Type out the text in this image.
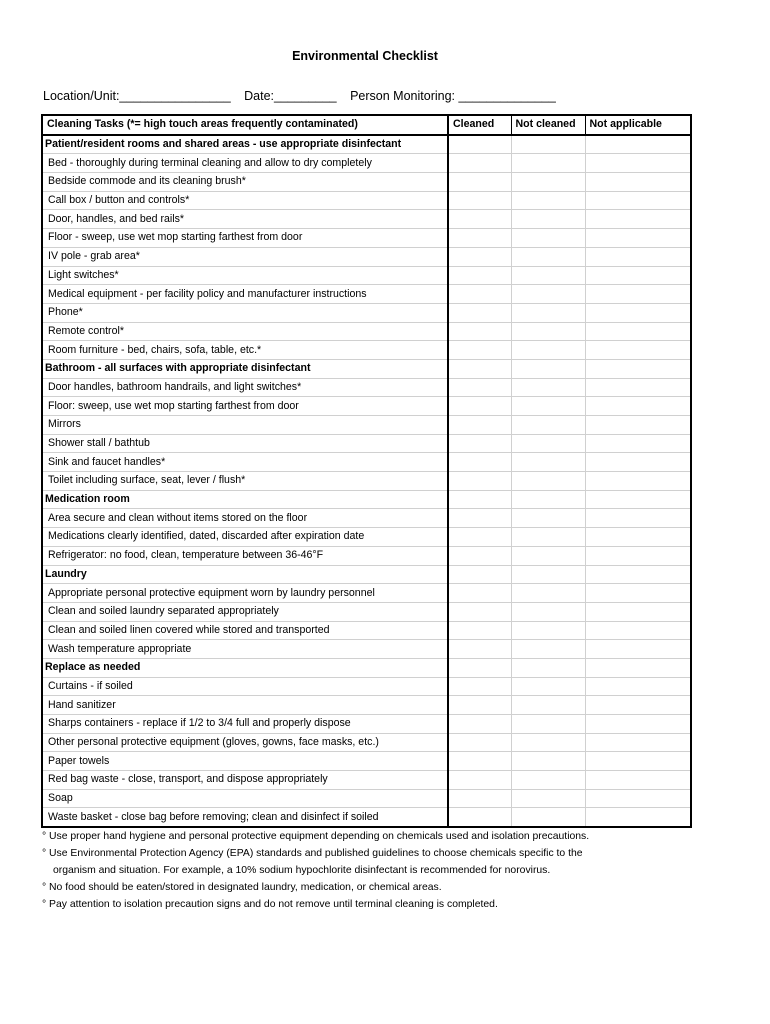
Environmental Checklist
Location/Unit:________________ Date:_________ Person Monitoring: ______________
Cleaning Tasks (*= high touch areas frequently contaminated)	Cleaned	Not cleaned	Not applicable
Patient/resident rooms and shared areas - use appropriate disinfectant			
Bed - thoroughly during terminal cleaning and allow to dry completely			
Bedside commode and its cleaning brush*			
Call box / button and controls*			
Door, handles, and bed rails*			
Floor - sweep, use wet mop starting farthest from door			
IV pole - grab area*			
Light switches*			
Medical equipment - per facility policy and manufacturer instructions			
Phone*			
Remote control*			
Room furniture - bed, chairs, sofa, table, etc.*			
Bathroom - all surfaces with appropriate disinfectant			
Door handles, bathroom handrails, and light switches*			
Floor: sweep, use wet mop starting farthest from door			
Mirrors			
Shower stall / bathtub			
Sink and faucet handles*			
Toilet including surface, seat, lever / flush*			
Medication room			
Area secure and clean without items stored on the floor			
Medications clearly identified, dated, discarded after expiration date			
Refrigerator: no food, clean, temperature between 36-46°F			
Laundry			
Appropriate personal protective equipment worn by laundry personnel			
Clean and soiled laundry separated appropriately			
Clean and soiled linen covered while stored and transported			
Wash temperature appropriate			
Replace as needed			
Curtains - if soiled			
Hand sanitizer			
Sharps containers - replace if 1/2 to 3/4 full and properly dispose			
Other personal protective equipment (gloves, gowns, face masks, etc.)			
Paper towels			
Red bag waste - close, transport, and dispose appropriately			
Soap			
Waste basket - close bag before removing; clean and disinfect if soiled			
° Use proper hand hygiene and personal protective equipment depending on chemicals used and isolation precautions.
° Use Environmental Protection Agency (EPA) standards and published guidelines to choose chemicals specific to the
organism and situation. For example, a 10% sodium hypochlorite disinfectant is recommended for norovirus.
° No food should be eaten/stored in designated laundry, medication, or chemical areas.
° Pay attention to isolation precaution signs and do not remove until terminal cleaning is completed.
